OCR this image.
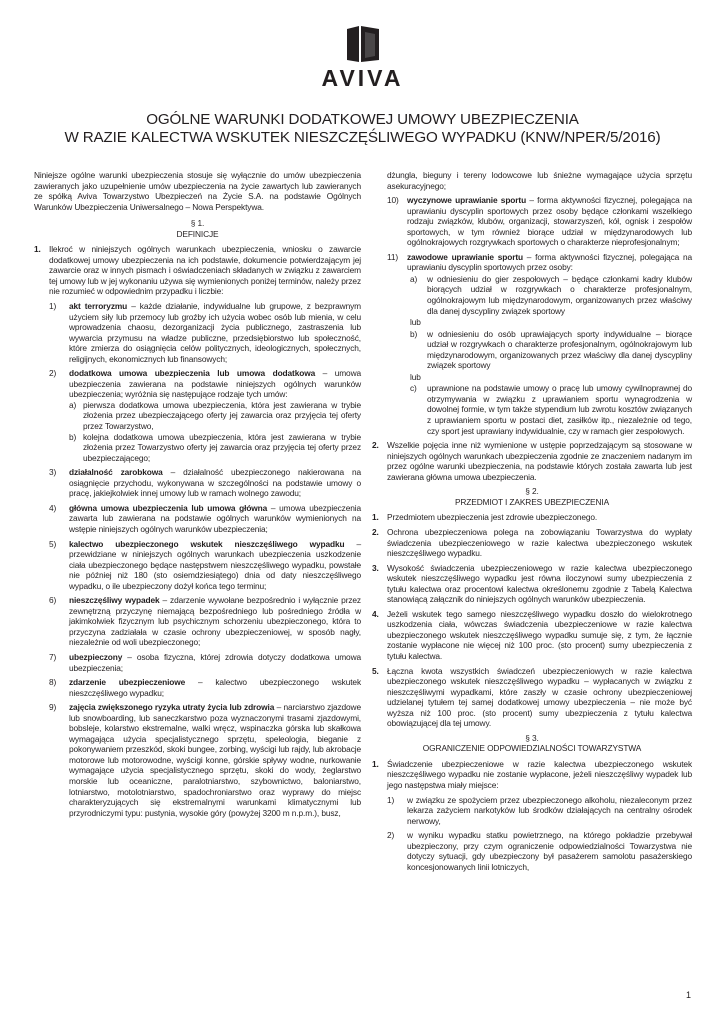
AVIVA
OGÓLNE WARUNKI DODATKOWEJ UMOWY UBEZPIECZENIA
W RAZIE KALECTWA WSKUTEK NIESZCZĘŚLIWEGO WYPADKU (KNW/NPER/5/2016)

Niniejsze ogólne warunki ubezpieczenia stosuje się wyłącznie do umów ubezpieczenia zawieranych jako uzupełnienie umów ubezpieczenia na życie zawartych lub zawieranych ze spółką Aviva Towarzystwo Ubezpieczeń na Życie S.A. na podstawie Ogólnych Warunków Ubezpieczenia Uniwersalnego – Nowa Perspektywa.

§ 1.
DEFINICJE
1. Ilekroć w niniejszych ogólnych warunkach ubezpieczenia, wniosku o zawarcie dodatkowej umowy ubezpieczenia na ich podstawie, dokumencie potwierdzającym jej zawarcie oraz w innych pismach i oświadczeniach składanych w związku z zawarciem tej umowy lub w jej wykonaniu używa się wymienionych poniżej terminów, należy przez nie rozumieć w odpowiednim przypadku i liczbie:
1) akt terroryzmu – każde działanie, indywidualne lub grupowe, z bezprawnym użyciem siły lub przemocy lub groźby ich użycia wobec osób lub mienia, w celu wprowadzenia chaosu, dezorganizacji życia publicznego, zastraszenia lub wywarcia przymusu na władze publiczne, przedsiębiorstwo lub społeczność, które zmierza do osiągnięcia celów politycznych, ideologicznych, społecznych, religijnych, ekonomicznych lub finansowych;
2) dodatkowa umowa ubezpieczenia lub umowa dodatkowa – umowa ubezpieczenia zawierana na podstawie niniejszych ogólnych warunków ubezpieczenia; wyróżnia się następujące rodzaje tych umów:
a) pierwsza dodatkowa umowa ubezpieczenia, która jest zawierana w trybie złożenia przez ubezpieczającego oferty jej zawarcia oraz przyjęcia tej oferty przez Towarzystwo,
b) kolejna dodatkowa umowa ubezpieczenia, która jest zawierana w trybie złożenia przez Towarzystwo oferty jej zawarcia oraz przyjęcia tej oferty przez ubezpieczającego;
3) działalność zarobkowa – działalność ubezpieczonego nakierowana na osiągnięcie przychodu, wykonywana w szczególności na podstawie umowy o pracę, jakiejkolwiek innej umowy lub w ramach wolnego zawodu;
4) główna umowa ubezpieczenia lub umowa główna – umowa ubezpieczenia zawarta lub zawierana na podstawie ogólnych warunków wymienionych na wstępie niniejszych ogólnych warunków ubezpieczenia;
5) kalectwo ubezpieczonego wskutek nieszczęśliwego wypadku – przewidziane w niniejszych ogólnych warunkach ubezpieczenia uszkodzenie ciała ubezpieczonego będące następstwem nieszczęśliwego wypadku, powstałe nie później niż 180 (sto osiemdziesiątego) dnia od daty nieszczęśliwego wypadku, o ile ubezpieczony dożył końca tego terminu;
6) nieszczęśliwy wypadek – zdarzenie wywołane bezpośrednio i wyłącznie przez zewnętrzną przyczynę niemającą bezpośredniego lub pośredniego źródła w jakimkolwiek fizycznym lub psychicznym schorzeniu ubezpieczonego, która to przyczyna zadziałała w czasie ochrony ubezpieczeniowej, w sposób nagły, niezależnie od woli ubezpieczonego;
7) ubezpieczony – osoba fizyczna, której zdrowia dotyczy dodatkowa umowa ubezpieczenia;
8) zdarzenie ubezpieczeniowe – kalectwo ubezpieczonego wskutek nieszczęśliwego wypadku;
9) zajęcia zwiększonego ryzyka utraty życia lub zdrowia – narciarstwo zjazdowe lub snowboarding, lub saneczkarstwo poza wyznaczonymi trasami zjazdowymi, bobsleje, kolarstwo ekstremalne, walki wręcz, wspinaczka górska lub skałkowa wymagająca użycia specjalistycznego sprzętu, speleologia, bieganie z pokonywaniem przeszkód, skoki bungee, zorbing, wyścigi lub rajdy, lub akrobacje motorowe lub motorowodne, wyścigi konne, górskie spływy wodne, nurkowanie wymagające użycia specjalistycznego sprzętu, skoki do wody, żeglarstwo morskie lub oceaniczne, paralotniarstwo, szybownictwo, baloniarstwo, lotniarstwo, motolotniarstwo, spadochroniarstwo oraz wyprawy do miejsc charakteryzujących się ekstremalnymi warunkami klimatycznymi lub przyrodniczymi typu: pustynia, wysokie góry (powyżej 3200 m n.p.m.), busz,

dżungla, bieguny i tereny lodowcowe lub śnieżne wymagające użycia sprzętu asekuracyjnego;

10) wyczynowe uprawianie sportu – forma aktywności fizycznej, polegająca na uprawianiu dyscyplin sportowych przez osoby będące członkami wszelkiego rodzaju związków, klubów, organizacji, stowarzyszeń, kół, ognisk i zespołów sportowych, w tym również biorące udział w międzynarodowych lub ogólnokrajowych rozgrywkach sportowych o charakterze nieprofesjonalnym;
11) zawodowe uprawianie sportu – forma aktywności fizycznej, polegająca na uprawianiu dyscyplin sportowych przez osoby:
a) w odniesieniu do gier zespołowych – będące członkami kadry klubów biorących udział w rozgrywkach o charakterze profesjonalnym, ogólnokrajowym lub międzynarodowym, organizowanych przez właściwy dla danej dyscypliny związek sportowy
lub
b) w odniesieniu do osób uprawiających sporty indywidualne – biorące udział w rozgrywkach o charakterze profesjonalnym, ogólnokrajowym lub międzynarodowym, organizowanych przez właściwy dla danej dyscypliny związek sportowy
lub
c) uprawnione na podstawie umowy o pracę lub umowy cywilnoprawnej do otrzymywania w związku z uprawianiem sportu wynagrodzenia w dowolnej formie, w tym także stypendium lub zwrotu kosztów związanych z uprawianiem sportu w postaci diet, zasiłków itp., niezależnie od tego, czy sport jest uprawiany indywidualnie, czy w ramach gier zespołowych.
2. Wszelkie pojęcia inne niż wymienione w ustępie poprzedzającym są stosowane w niniejszych ogólnych warunkach ubezpieczenia zgodnie ze znaczeniem nadanym im przez ogólne warunki ubezpieczenia, na podstawie których została zawarta lub jest zawierana główna umowa ubezpieczenia.
§ 2.
PRZEDMIOT I ZAKRES UBEZPIECZENIA
1. Przedmiotem ubezpieczenia jest zdrowie ubezpieczonego.
2. Ochrona ubezpieczeniowa polega na zobowiązaniu Towarzystwa do wypłaty świadczenia ubezpieczeniowego w razie kalectwa ubezpieczonego wskutek nieszczęśliwego wypadku.
3. Wysokość świadczenia ubezpieczeniowego w razie kalectwa ubezpieczonego wskutek nieszczęśliwego wypadku jest równa iloczynowi sumy ubezpieczenia z tytułu kalectwa oraz procentowi kalectwa określonemu zgodnie z Tabelą Kalectwa stanowiącą załącznik do niniejszych ogólnych warunków ubezpieczenia.
4. Jeżeli wskutek tego samego nieszczęśliwego wypadku doszło do wielokrotnego uszkodzenia ciała, wówczas świadczenia ubezpieczeniowe w razie kalectwa ubezpieczonego wskutek nieszczęśliwego wypadku sumuje się, z tym, że łącznie zostanie wypłacone nie więcej niż 100 proc. (sto procent) sumy ubezpieczenia z tytułu kalectwa.
5. Łączna kwota wszystkich świadczeń ubezpieczeniowych w razie kalectwa ubezpieczonego wskutek nieszczęśliwego wypadku – wypłacanych w związku z nieszczęśliwymi wypadkami, które zaszły w czasie ochrony ubezpieczeniowej udzielanej tytułem tej samej dodatkowej umowy ubezpieczenia – nie może być wyższa niż 100 proc. (sto procent) sumy ubezpieczenia z tytułu kalectwa obowiązującej dla tej umowy.
§ 3.
OGRANICZENIE ODPOWIEDZIALNOŚCI TOWARZYSTWA
1. Świadczenie ubezpieczeniowe w razie kalectwa ubezpieczonego wskutek nieszczęśliwego wypadku nie zostanie wypłacone, jeżeli nieszczęśliwy wypadek lub jego następstwa miały miejsce:
1) w związku ze spożyciem przez ubezpieczonego alkoholu, niezaleconym przez lekarza zażyciem narkotyków lub środków działających na centralny ośrodek nerwowy,
2) w wyniku wypadku statku powietrznego, na którego pokładzie przebywał ubezpieczony, przy czym ograniczenie odpowiedzialności Towarzystwa nie dotyczy sytuacji, gdy ubezpieczony był pasażerem samolotu pasażerskiego koncesjonowanych linii lotniczych,
1
